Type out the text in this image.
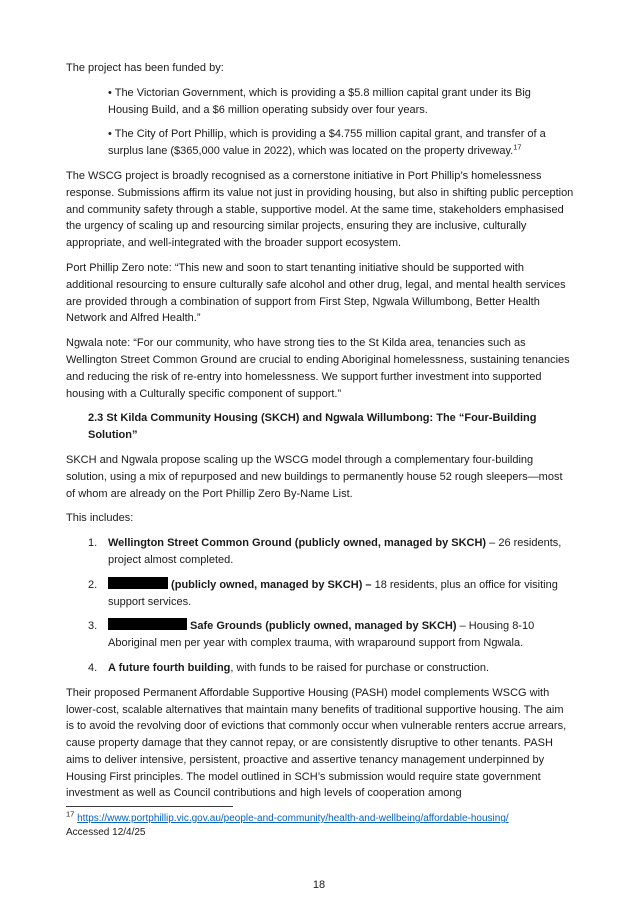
The project has been funded by:

• The Victorian Government, which is providing a $5.8 million capital grant under its Big Housing Build, and a $6 million operating subsidy over four years.
• The City of Port Phillip, which is providing a $4.755 million capital grant, and transfer of a surplus lane ($365,000 value in 2022), which was located on the property driveway.$^{17}$

The WSCG project is broadly recognised as a cornerstone initiative in Port Phillip’s homelessness response. Submissions affirm its value not just in providing housing, but also in shifting public perception and community safety through a stable, supportive model. At the same time, stakeholders emphasised the urgency of scaling up and resourcing similar projects, ensuring they are inclusive, culturally appropriate, and well-integrated with the broader support ecosystem.

Port Phillip Zero note: “This new and soon to start tenanting initiative should be supported with additional resourcing to ensure culturally safe alcohol and other drug, legal, and mental health services are provided through a combination of support from First Step, Ngwala Willumbong, Better Health Network and Alfred Health.”

Ngwala note: “For our community, who have strong ties to the St Kilda area, tenancies such as Wellington Street Common Ground are crucial to ending Aboriginal homelessness, sustaining tenancies and reducing the risk of re-entry into homelessness. We support further investment into supported housing with a Culturally specific component of support.”

2.3 St Kilda Community Housing (SKCH) and Ngwala Willumbong: The “Four-Building Solution”

SKCH and Ngwala propose scaling up the WSCG model through a complementary four-building solution, using a mix of repurposed and new buildings to permanently house 52 rough sleepers—most of whom are already on the Port Phillip Zero By-Name List.

This includes:

1. Wellington Street Common Ground (publicly owned, managed by SKCH) – 26 residents, project almost completed.
2.	(publicly owned, managed by SKCH) – 18 residents, plus an office for visiting support services.
3.	Safe Grounds (publicly owned, managed by SKCH) – Housing 8-10 Aboriginal men per year with complex trauma, with wraparound support from Ngwala.
4. A future fourth building, with funds to be raised for purchase or construction.

Their proposed Permanent Affordable Supportive Housing (PASH) model complements WSCG with lower-cost, scalable alternatives that maintain many benefits of traditional supportive housing. The aim is to avoid the revolving door of evictions that commonly occur when vulnerable renters accrue arrears, cause property damage that they cannot repay, or are consistently disruptive to other tenants. PASH aims to deliver intensive, persistent, proactive and assertive tenancy management underpinned by Housing First principles. The model outlined in SCH’s submission would require state government investment as well as Council contributions and high levels of cooperation among

$^{17}$ https://www.portphillip.vic.gov.au/people-and-community/health-and-wellbeing/affordable-housing/
Accessed 12/4/25
18
